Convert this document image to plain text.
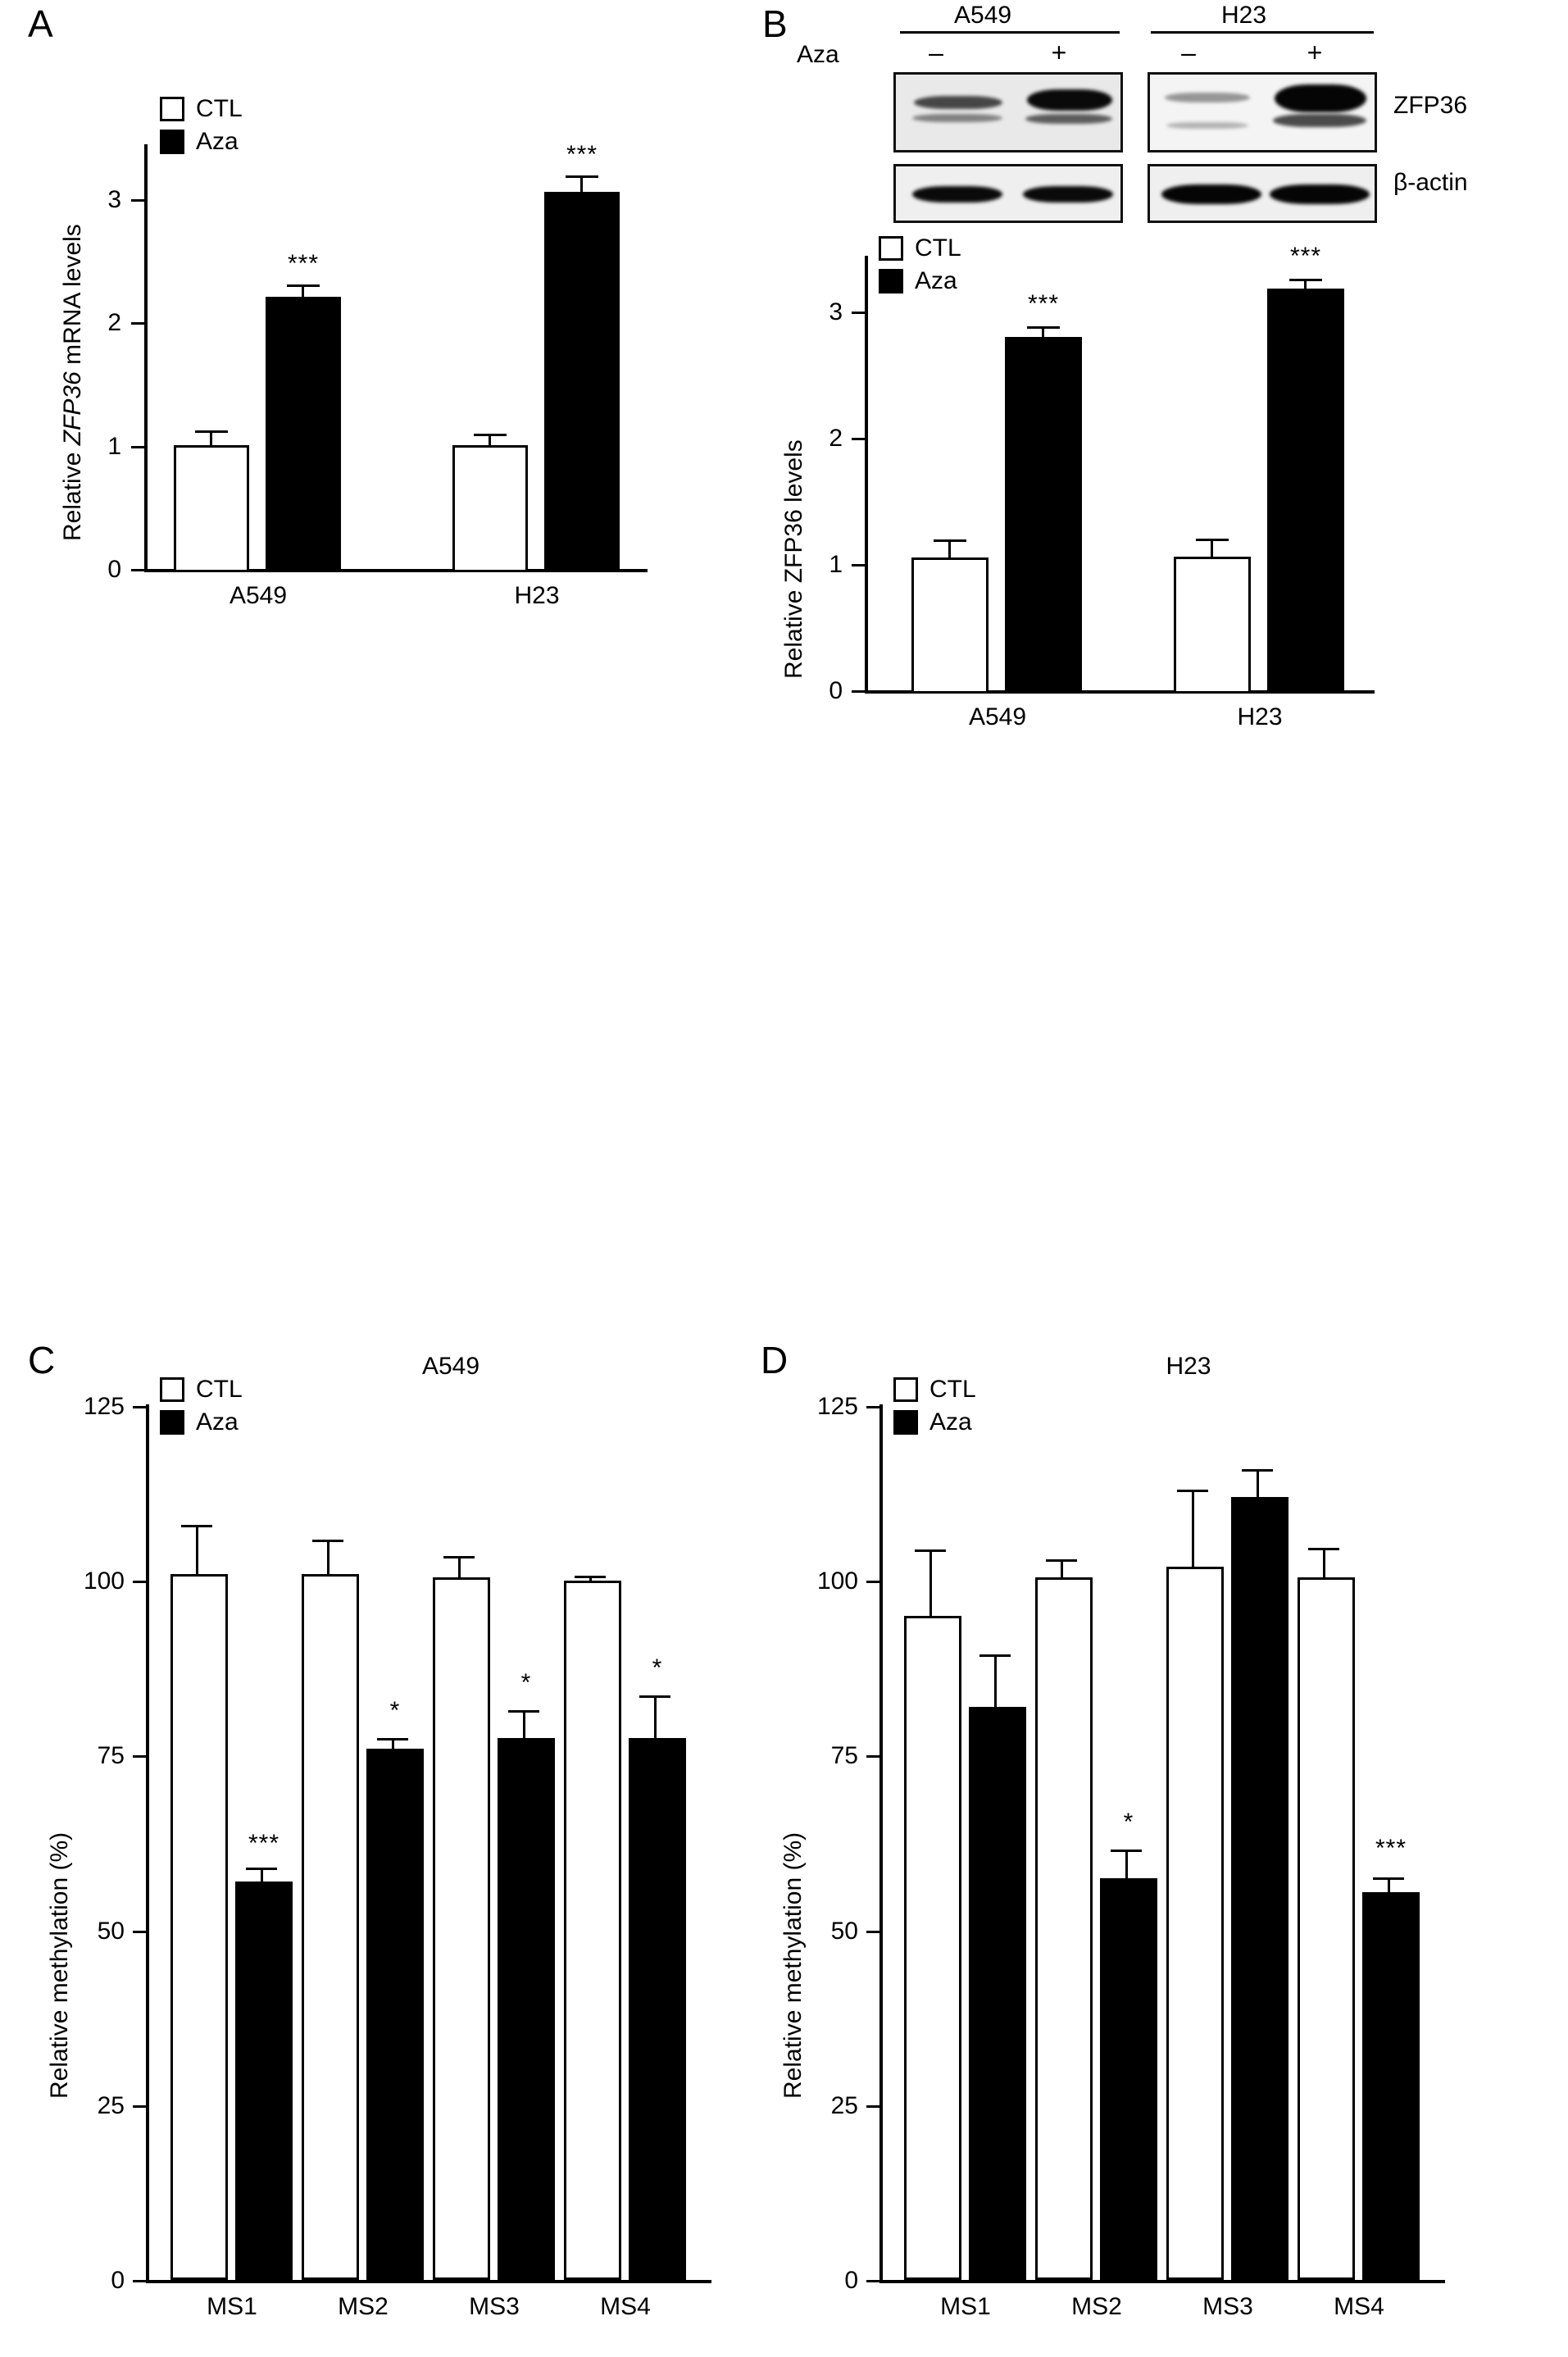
A
CTL
Aza
0
1
2
3
Relative ZFP36 mRNA levels	***
***
A549	H23
B	A549	H23
Aza	–	+	–	+
ZFP36
β-actin
CTL
Aza
0
1
2
3
Relative ZFP36 levels
***
***
A549	H23
C	A549
CTL
Aza
0
25
50
75
100
125
Relative methylation (%)	***
*
*
*
MS1	MS2	MS3	MS4
D	H23
CTL
Aza
0
25
50
75
100
125
Relative methylation (%)
*
***
MS1	MS2	MS3	MS4
